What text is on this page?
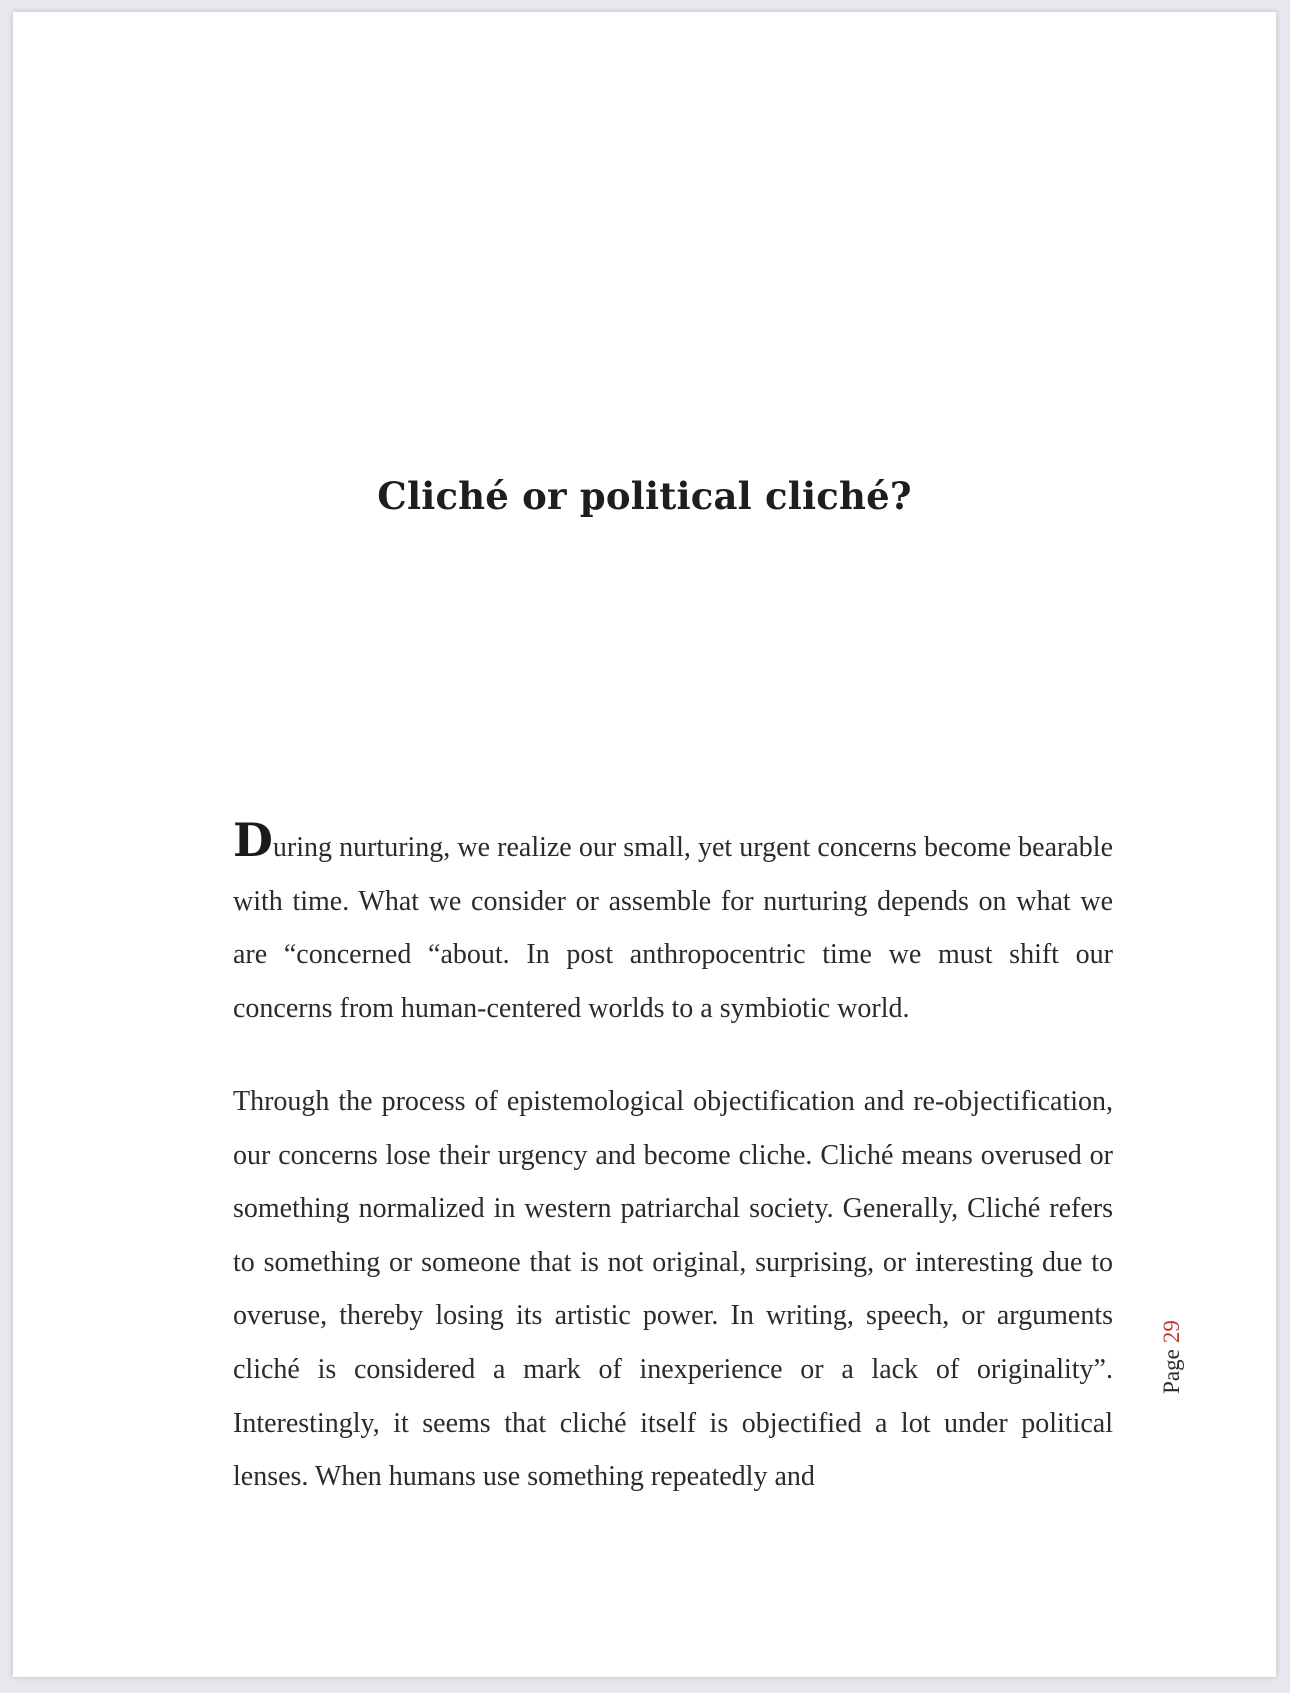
Cliché or political cliché?

During nurturing, we realize our small, yet urgent concerns become bearable with time. What we consider or assemble for nurturing depends on what we are “concerned “about. In post anthropocentric time we must shift our concerns from human-centered worlds to a symbiotic world.

Through the process of epistemological objectification and re-objectification, our concerns lose their urgency and become cliche. Cliché means overused or something normalized in western patriarchal society. Generally, Cliché refers to something or someone that is not original, surprising, or interesting due to overuse, thereby losing its artistic power. In writing, speech, or arguments cliché is considered a mark of inexperience or a lack of originality”. Interestingly, it seems that cliché itself is objectified a lot under political lenses. When humans use something repeatedly and

Page29
